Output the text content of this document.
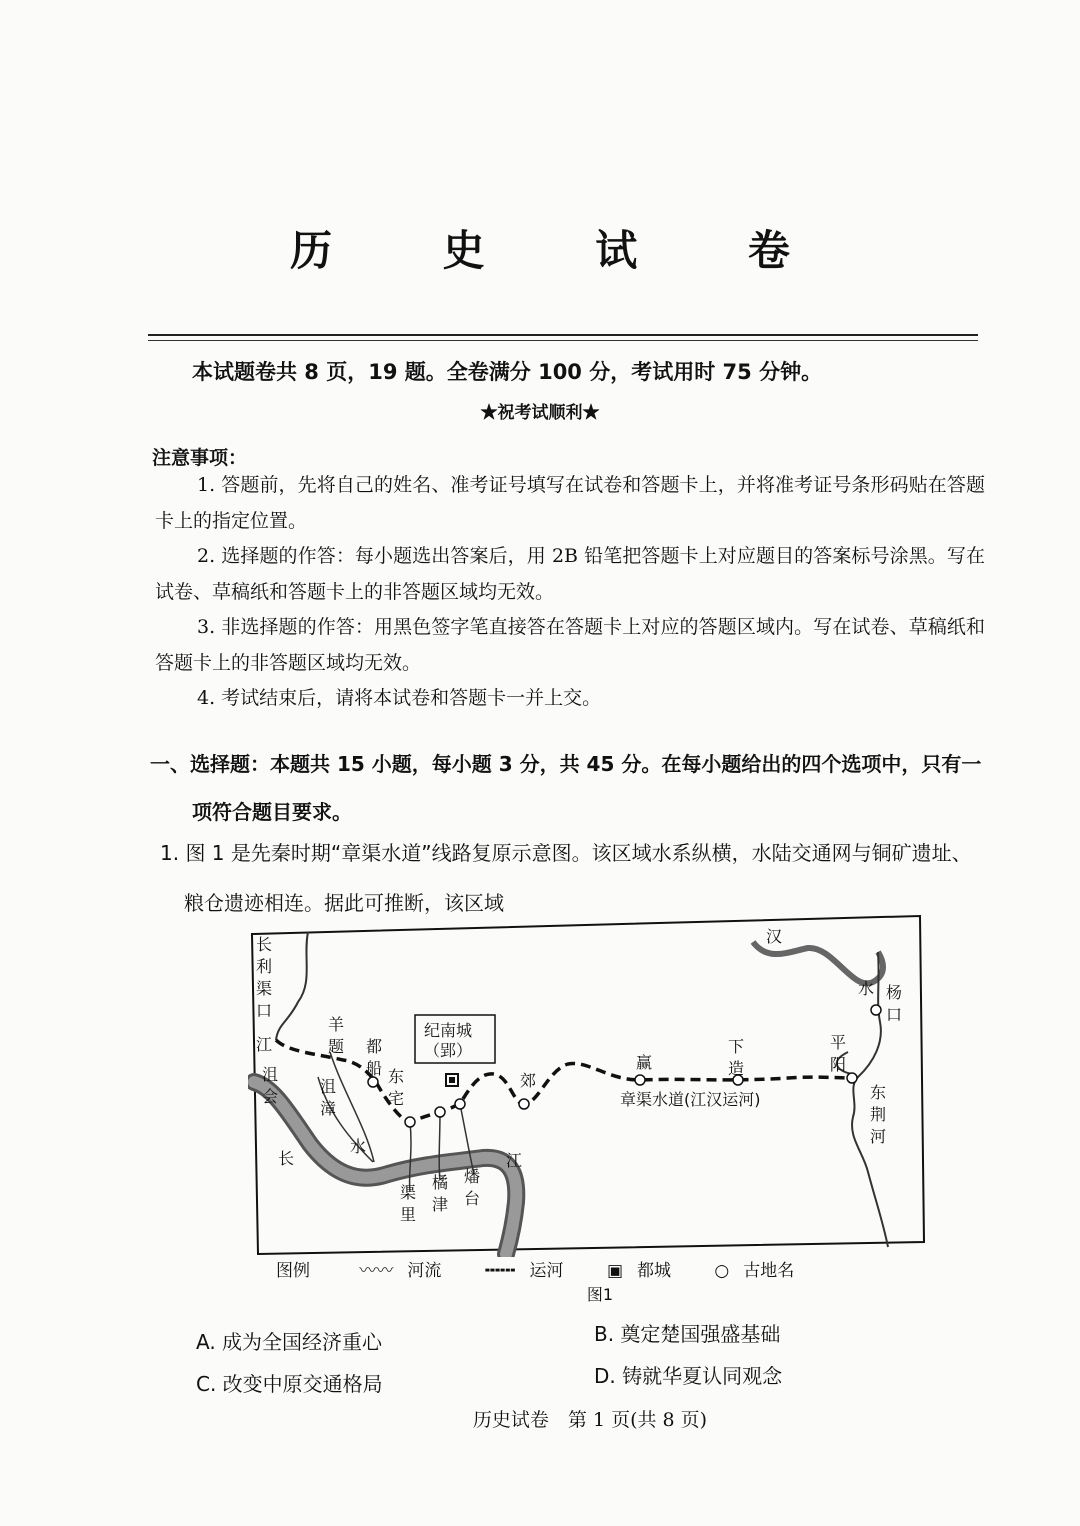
历 史 试 卷
本试题卷共 8 页，19 题。全卷满分 100 分，考试用时 75 分钟。
★祝考试顺利★
注意事项：
1. 答题前，先将自己的姓名、准考证号填写在试卷和答题卡上，并将准考证号条形码贴在答题卡上的指定位置。
2. 选择题的作答：每小题选出答案后，用 2B 铅笔把答题卡上对应题目的答案标号涂黑。写在试卷、草稿纸和答题卡上的非答题区域均无效。
3. 非选择题的作答：用黑色签字笔直接答在答题卡上对应的答题区域内。写在试卷、草稿纸和答题卡上的非答题区域均无效。
4. 考试结束后，请将本试卷和答题卡一并上交。
一、选择题：本题共 15 小题，每小题 3 分，共 45 分。在每小题给出的四个选项中，只有一
项符合题目要求。
1. 图 1 是先秦时期“章渠水道”线路复原示意图。该区域水系纵横，水陆交通网与铜矿遗址、
粮仓遗迹相连。据此可推断，该区域
长利渠口
江
沮会
羊题 都船 东宅
纪南城
（郢）
郊
赢
下造
平阳
汉
水 杨口
东荆河
沮漳
水
长	江
渠里
橘津
燔台
章渠水道(江汉运河)
图例	〰〰 河流	╍╍╍ 运河	▣ 都城	○ 古地名
图1
A. 成为全国经济重心	B. 奠定楚国强盛基础
C. 改变中原交通格局	D. 铸就华夏认同观念
历史试卷　第 1 页(共 8 页)
